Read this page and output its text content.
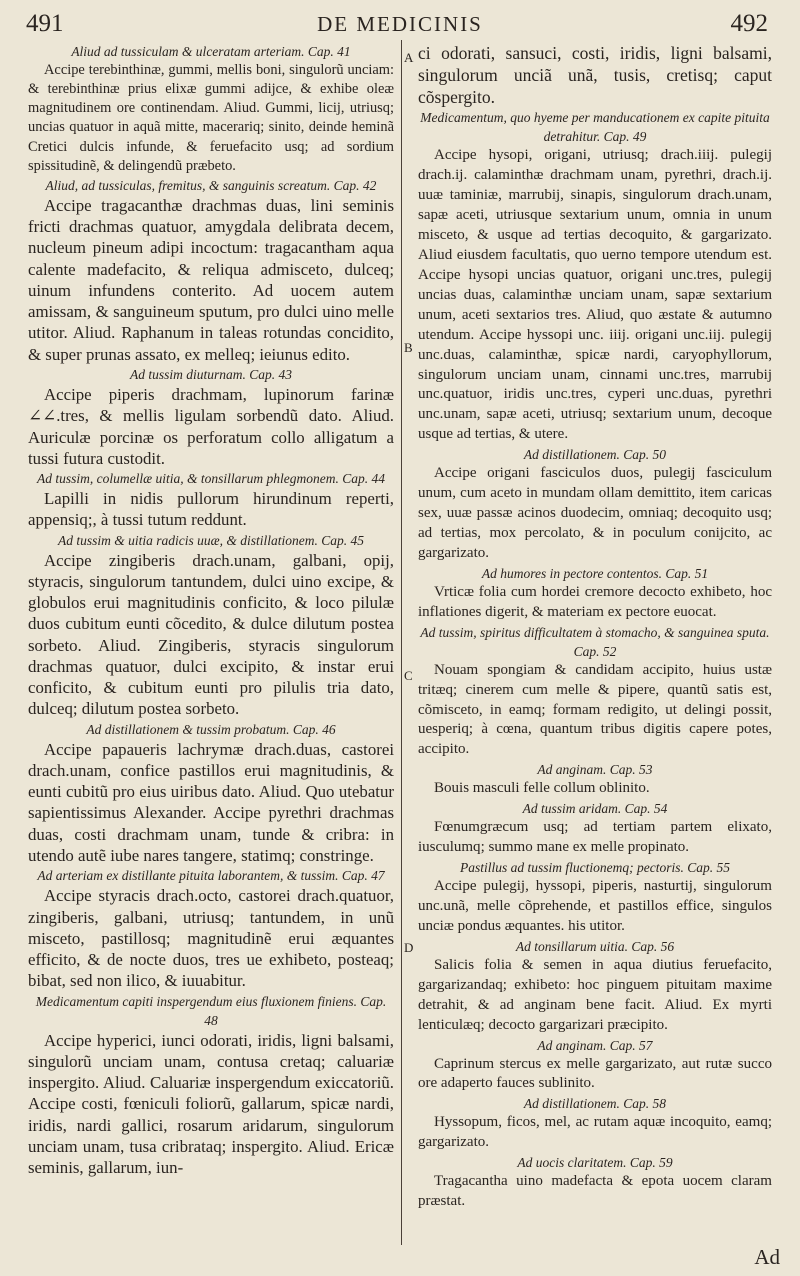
491	DE MEDICINIS	492
A
B
C
D

Aliud ad tussiculam & ulceratam arteriam. Cap. 41

Accipe terebinthinæ, gummi, mellis boni, singulorũ unciam: & terebinthinæ prius elixæ gummi adijce, & exhibe oleæ magnitudinem ore continendam. Aliud. Gummi, licij, utriusq; uncias quatuor in aquã mitte, macerariq; sinito, deinde heminã Cretici dulcis infunde, & feruefacito usq; ad sordium spissitudinẽ, & delingendũ præbeto.

Aliud, ad tussiculas, fremitus, & sanguinis screatum. Cap. 42

Accipe tragacanthæ drachmas duas, lini seminis fricti drachmas quatuor, amygdala delibrata decem, nucleum pineum adipi incoctum: tragacantham aqua calente madefacito, & reliqua admisceto, dulceq; uinum infundens conterito. Ad uocem autem amissam, & sanguineum sputum, pro dulci uino melle utitor. Aliud. Raphanum in taleas rotundas concidito, & super prunas assato, ex melleq; ieiunus edito.

Ad tussim diuturnam. Cap. 43

Accipe piperis drachmam, lupinorum farinæ ∠∠.tres, & mellis ligulam sorbendũ dato. Aliud. Auriculæ porcinæ os perforatum collo alligatum a tussi futura custodit.

Ad tussim, columellæ uitia, & tonsillarum phlegmonem. Cap. 44

Lapilli in nidis pullorum hirundinum reperti, appensiq;, à tussi tutum reddunt.

Ad tussim & uitia radicis uuæ, & distillationem. Cap. 45

Accipe zingiberis drach.unam, galbani, opij, styracis, singulorum tantundem, dulci uino excipe, & globulos erui magnitudinis conficito, & loco pilulæ duos cubitum eunti cõcedito, & dulce dilutum postea sorbeto. Aliud. Zingiberis, styracis singulorum drachmas quatuor, dulci excipito, & instar erui conficito, & cubitum eunti pro pilulis tria dato, dulceq; dilutum postea sorbeto.

Ad distillationem & tussim probatum. Cap. 46

Accipe papaueris lachrymæ drach.duas, castorei drach.unam, confice pastillos erui magnitudinis, & eunti cubitũ pro eius uiribus dato. Aliud. Quo utebatur sapientissimus Alexander. Accipe pyrethri drachmas duas, costi drachmam unam, tunde & cribra: in utendo autẽ iube nares tangere, statimq; constringe.

Ad arteriam ex distillante pituita laborantem, & tussim. Cap. 47

Accipe styracis drach.octo, castorei drach.quatuor, zingiberis, galbani, utriusq; tantundem, in unũ misceto, pastillosq; magnitudinẽ erui æquantes efficito, & de nocte duos, tres ue exhibeto, posteaq; bibat, sed non ilico, & iuuabitur.

Medicamentum capiti inspergendum eius fluxionem finiens. Cap. 48

Accipe hyperici, iunci odorati, iridis, ligni balsami, singulorũ unciam unam, contusa cretaq; caluariæ inspergito. Aliud. Caluariæ inspergendum exiccatoriũ. Accipe costi, fœniculi foliorũ, gallarum, spicæ nardi, iridis, nardi gallici, rosarum aridarum, singulorum unciam unam, tusa cribrataq; inspergito. Aliud. Ericæ seminis, gallarum, iun-

ci odorati, sansuci, costi, iridis, ligni balsami, singulorum unciã unã, tusis, cretisq; caput cõspergito.

Medicamentum, quo hyeme per manducationem ex capite pituita detrahitur. Cap. 49

Accipe hysopi, origani, utriusq; drach.iiij. pulegij drach.ij. calaminthæ drachmam unam, pyrethri, drach.ij. uuæ taminiæ, marrubij, sinapis, singulorum drach.unam, sapæ aceti, utriusque sextarium unum, omnia in unum misceto, & usque ad tertias decoquito, & gargarizato. Aliud eiusdem facultatis, quo uerno tempore utendum est. Accipe hysopi uncias quatuor, origani unc.tres, pulegij uncias duas, calaminthæ unciam unam, sapæ sextarium unum, aceti sextarios tres. Aliud, quo æstate & autumno utendum. Accipe hyssopi unc. iiij. origani unc.iij. pulegij unc.duas, calaminthæ, spicæ nardi, caryophyllorum, singulorum unciam unam, cinnami unc.tres, marrubij unc.quatuor, iridis unc.tres, cyperi unc.duas, pyrethri unc.unam, sapæ aceti, utriusq; sextarium unum, decoque usque ad tertias, & utere.

Ad distillationem. Cap. 50

Accipe origani fasciculos duos, pulegij fasciculum unum, cum aceto in mundam ollam demittito, item caricas sex, uuæ passæ acinos duodecim, omniaq; decoquito usq; ad tertias, mox percolato, & in poculum conijcito, ac gargarizato.

Ad humores in pectore contentos. Cap. 51

Vrticæ folia cum hordei cremore decocto exhibeto, hoc inflationes digerit, & materiam ex pectore euocat.

Ad tussim, spiritus difficultatem à stomacho, & sanguinea sputa. Cap. 52

Nouam spongiam & candidam accipito, huius ustæ tritæq; cinerem cum melle & pipere, quantũ satis est, cõmisceto, in eamq; formam redigito, ut delingi possit, uesperiq; à cœna, quantum tribus digitis capere potes, accipito.

Ad anginam. Cap. 53

Bouis masculi felle collum oblinito.

Ad tussim aridam. Cap. 54

Fœnumgræcum usq; ad tertiam partem elixato, iusculumq; summo mane ex melle propinato.

Pastillus ad tussim fluctionemq; pectoris. Cap. 55

Accipe pulegij, hyssopi, piperis, nasturtij, singulorum unc.unã, melle cõprehende, et pastillos effice, singulos unciæ pondus æquantes. his utitor.

Ad tonsillarum uitia. Cap. 56

Salicis folia & semen in aqua diutius feruefacito, gargarizandaq; exhibeto: hoc pinguem pituitam maxime detrahit, & ad anginam bene facit. Aliud. Ex myrti lenticulæq; decocto gargarizari præcipito.

Ad anginam. Cap. 57

Caprinum stercus ex melle gargarizato, aut rutæ succo ore adaperto fauces sublinito.

Ad distillationem. Cap. 58

Hyssopum, ficos, mel, ac rutam aquæ incoquito, eamq; gargarizato.

Ad uocis claritatem. Cap. 59

Tragacantha uino madefacta & epota uocem claram præstat.

Ad
